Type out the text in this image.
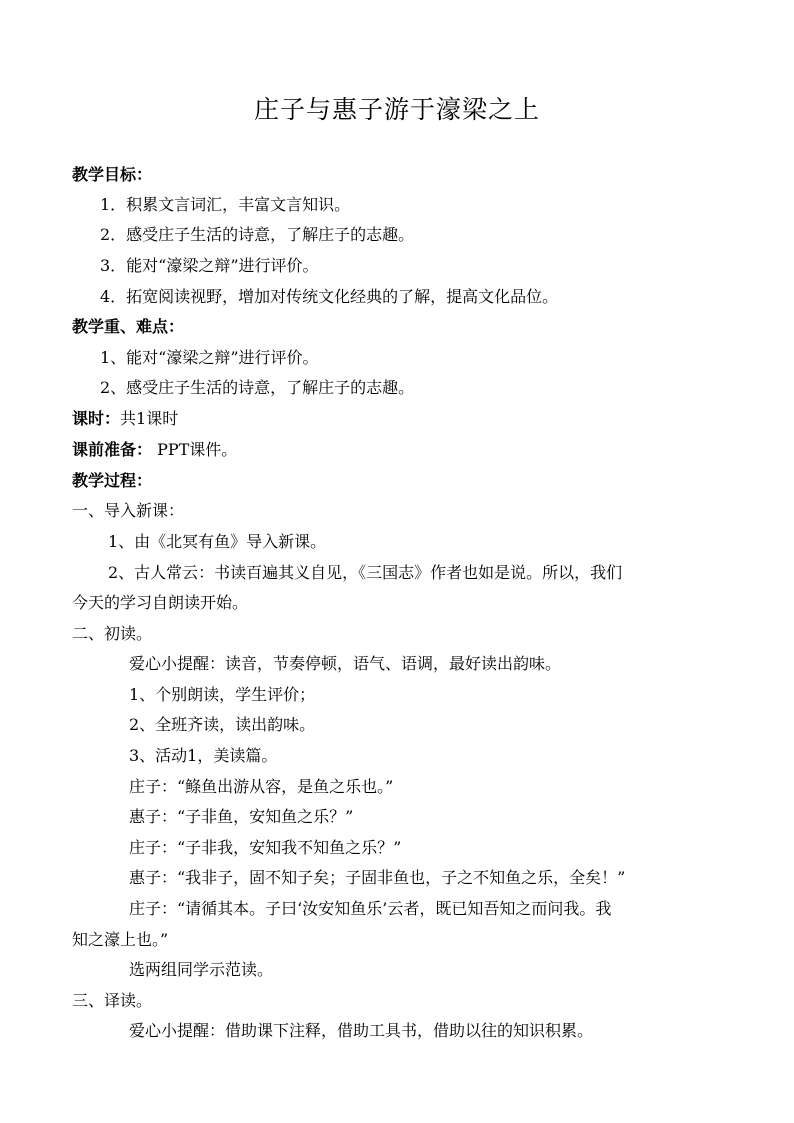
庄子与惠子游于濠梁之上
教学目标：
1．积累文言词汇，丰富文言知识。
2．感受庄子生活的诗意，了解庄子的志趣。
3．能对“濠梁之辩”进行评价。
4．拓宽阅读视野，增加对传统文化经典的了解，提高文化品位。
教学重、难点：
1、能对“濠梁之辩”进行评价。
2、感受庄子生活的诗意，了解庄子的志趣。
课时：共1课时
课前准备： PPT课件。
教学过程：
一、导入新课：
1、由《北冥有鱼》导入新课。
2、古人常云：书读百遍其义自见，《三国志》作者也如是说。所以，我们
今天的学习自朗读开始。
二、初读。
爱心小提醒：读音，节奏停顿，语气、语调，最好读出韵味。
1、个别朗读，学生评价；
2、全班齐读，读出韵味。
3、活动1，美读篇。
庄子：“鲦鱼出游从容，是鱼之乐也。”
惠子：“子非鱼，安知鱼之乐？”
庄子：“子非我，安知我不知鱼之乐？”
惠子：“我非子，固不知子矣；子固非鱼也，子之不知鱼之乐，全矣！”
庄子：“请循其本。子曰‘汝安知鱼乐’云者，既已知吾知之而问我。我
知之濠上也。”
选两组同学示范读。
三、译读。
爱心小提醒：借助课下注释，借助工具书，借助以往的知识积累。
